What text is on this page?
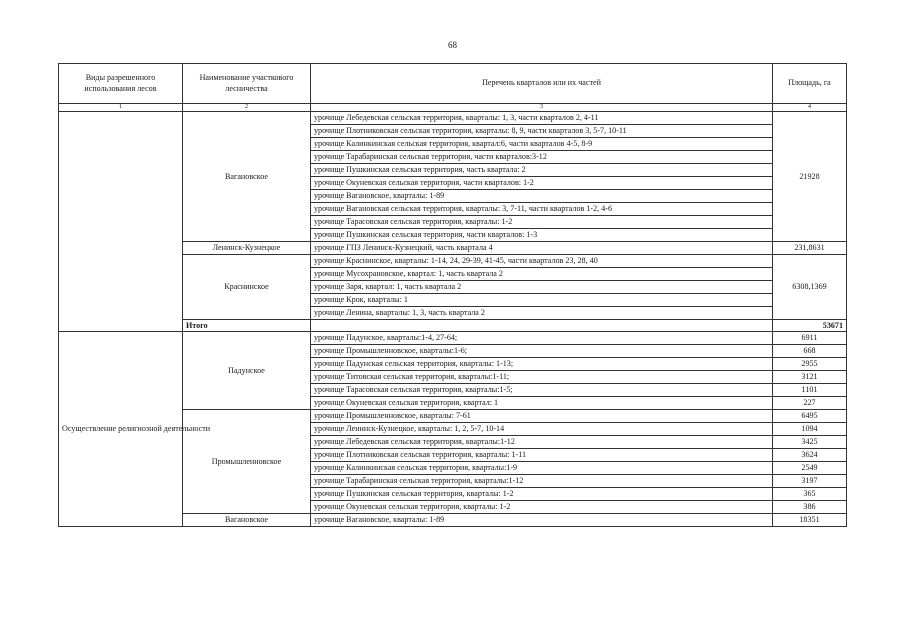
68
Виды разрешенного использования лесов	Наименование участкового лесничества	Перечень кварталов или их частей	Площадь, га
1	2	3	4
	Вагановское	урочище Лебедевская сельская территория, кварталы: 1, 3, части кварталов 2, 4-11	21928
		урочище Плотниковская сельская территория, кварталы: 8, 9, части кварталов 3, 5-7, 10-11	
		урочище Калинкинская сельская территория, квартал:6, части кварталов 4-5, 8-9	
		урочище Тарабаринская сельская территория, части кварталов:3-12	
		урочище Пушкинская сельская территория, часть квартала: 2	
		урочище Окуневская сельская территория, части кварталов: 1-2	
		урочище Вагановское, кварталы: 1-89	
		урочище Вагановская сельская территория, кварталы: 3, 7-11, части кварталов 1-2, 4-6	
		урочище Тарасовская сельская территория, кварталы: 1-2	
		урочище Пушкинская сельская территория, части кварталов: 1-3	
	Ленинск-Кузнецкое	урочище ГПЗ Ленинск-Кузнецкий, часть квартала 4	231,8631
	Краснинское	урочище Краснинское, кварталы: 1-14, 24, 29-39, 41-45, части кварталов 23, 28, 40	6308,1369
		урочище Мусохрановское, квартал: 1, часть квартала 2	
		урочище Заря, квартал: 1, часть квартала 2	
		урочище Крок, кварталы: 1	
		урочище Ленина, кварталы: 1, 3, часть квартала 2	
	Итого		53671
Осуществление религиозной деятельности	Падунское	урочище Падунское, кварталы:1-4, 27-64;	6911
		урочище Промышленновское, кварталы:1-6;	668
		урочище Падунская сельская территория, кварталы: 1-13;	2955
		урочище Титовская сельская территория, кварталы:1-11;	3121
		урочище Тарасовская сельская территория, кварталы:1-5;	1101
		урочище Окуневская сельская территория, квартал: 1	227
	Промышленновское	урочище Промышленновское, кварталы: 7-61	6495
		урочище Ленинск-Кузнецкое, кварталы: 1, 2, 5-7, 10-14	1094
		урочище Лебедевская сельская территория, кварталы:1-12	3425
		урочище Плотниковская сельская территория, кварталы: 1-11	3624
		урочище Калинкинская сельская территория, кварталы:1-9	2549
		урочище Тарабаринская сельская территория, кварталы:1-12	3197
		урочище Пушкинская сельская территория, кварталы: 1-2	365
		урочище Окуневская сельская территория, кварталы: 1-2	386
	Вагановское	урочище Вагановское, кварталы: 1-89	18351
